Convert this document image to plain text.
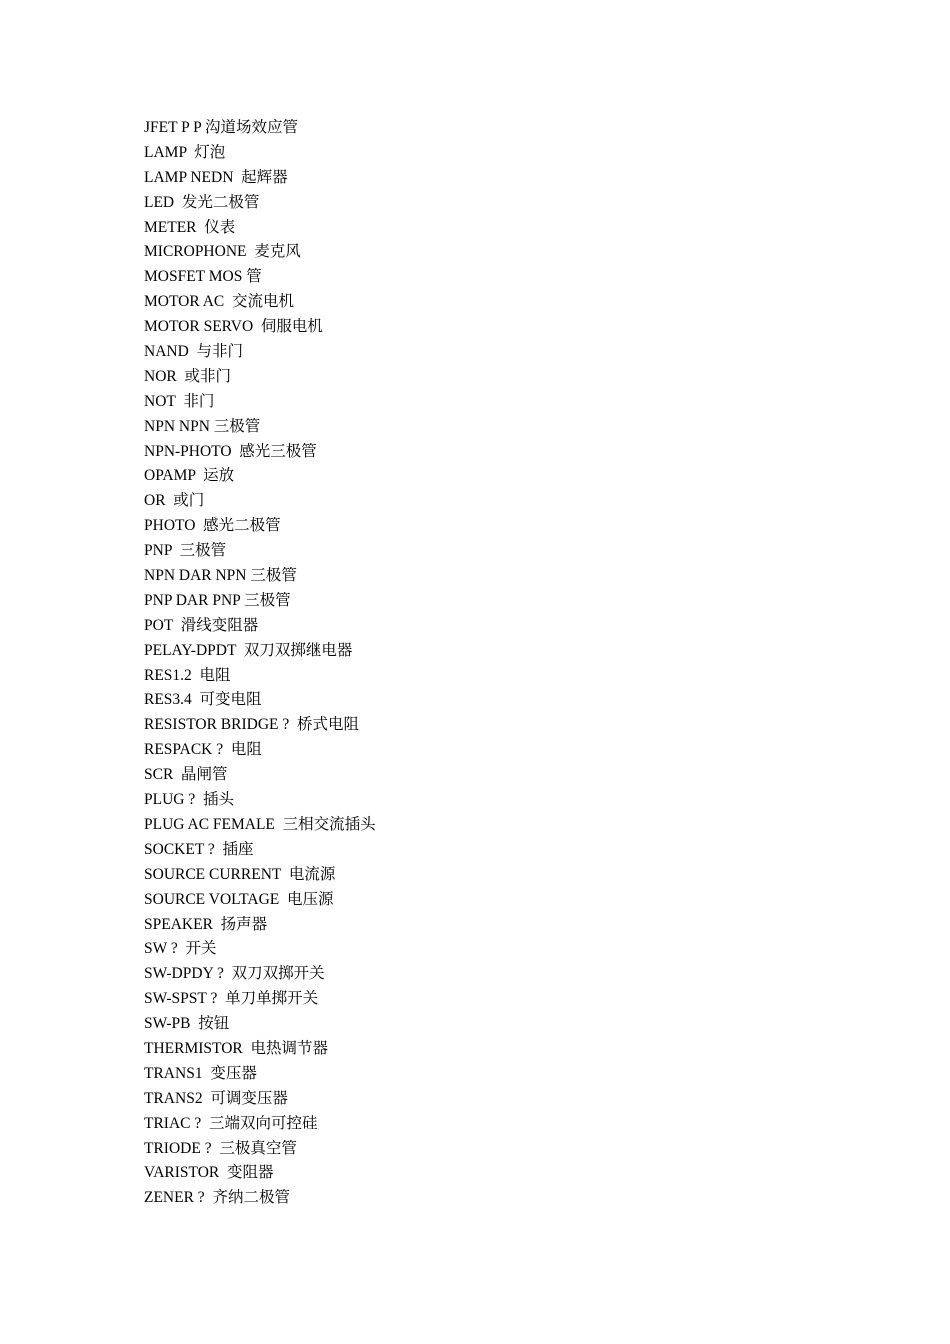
JFET P P 沟道场效应管
LAMP  灯泡
LAMP NEDN  起辉器
LED  发光二极管
METER  仪表
MICROPHONE  麦克风
MOSFET MOS 管
MOTOR AC  交流电机
MOTOR SERVO  伺服电机
NAND  与非门
NOR  或非门
NOT  非门
NPN NPN 三极管
NPN-PHOTO  感光三极管
OPAMP  运放
OR  或门
PHOTO  感光二极管
PNP  三极管
NPN DAR NPN 三极管
PNP DAR PNP 三极管
POT  滑线变阻器
PELAY-DPDT  双刀双掷继电器
RES1.2  电阻
RES3.4  可变电阻
RESISTOR BRIDGE ?  桥式电阻
RESPACK ?  电阻
SCR  晶闸管
PLUG ?  插头
PLUG AC FEMALE  三相交流插头
SOCKET ?  插座
SOURCE CURRENT  电流源
SOURCE VOLTAGE  电压源
SPEAKER  扬声器
SW ?  开关
SW-DPDY ?  双刀双掷开关
SW-SPST ?  单刀单掷开关
SW-PB  按钮
THERMISTOR  电热调节器
TRANS1  变压器
TRANS2  可调变压器
TRIAC ?  三端双向可控硅
TRIODE ?  三极真空管
VARISTOR  变阻器
ZENER ?  齐纳二极管
